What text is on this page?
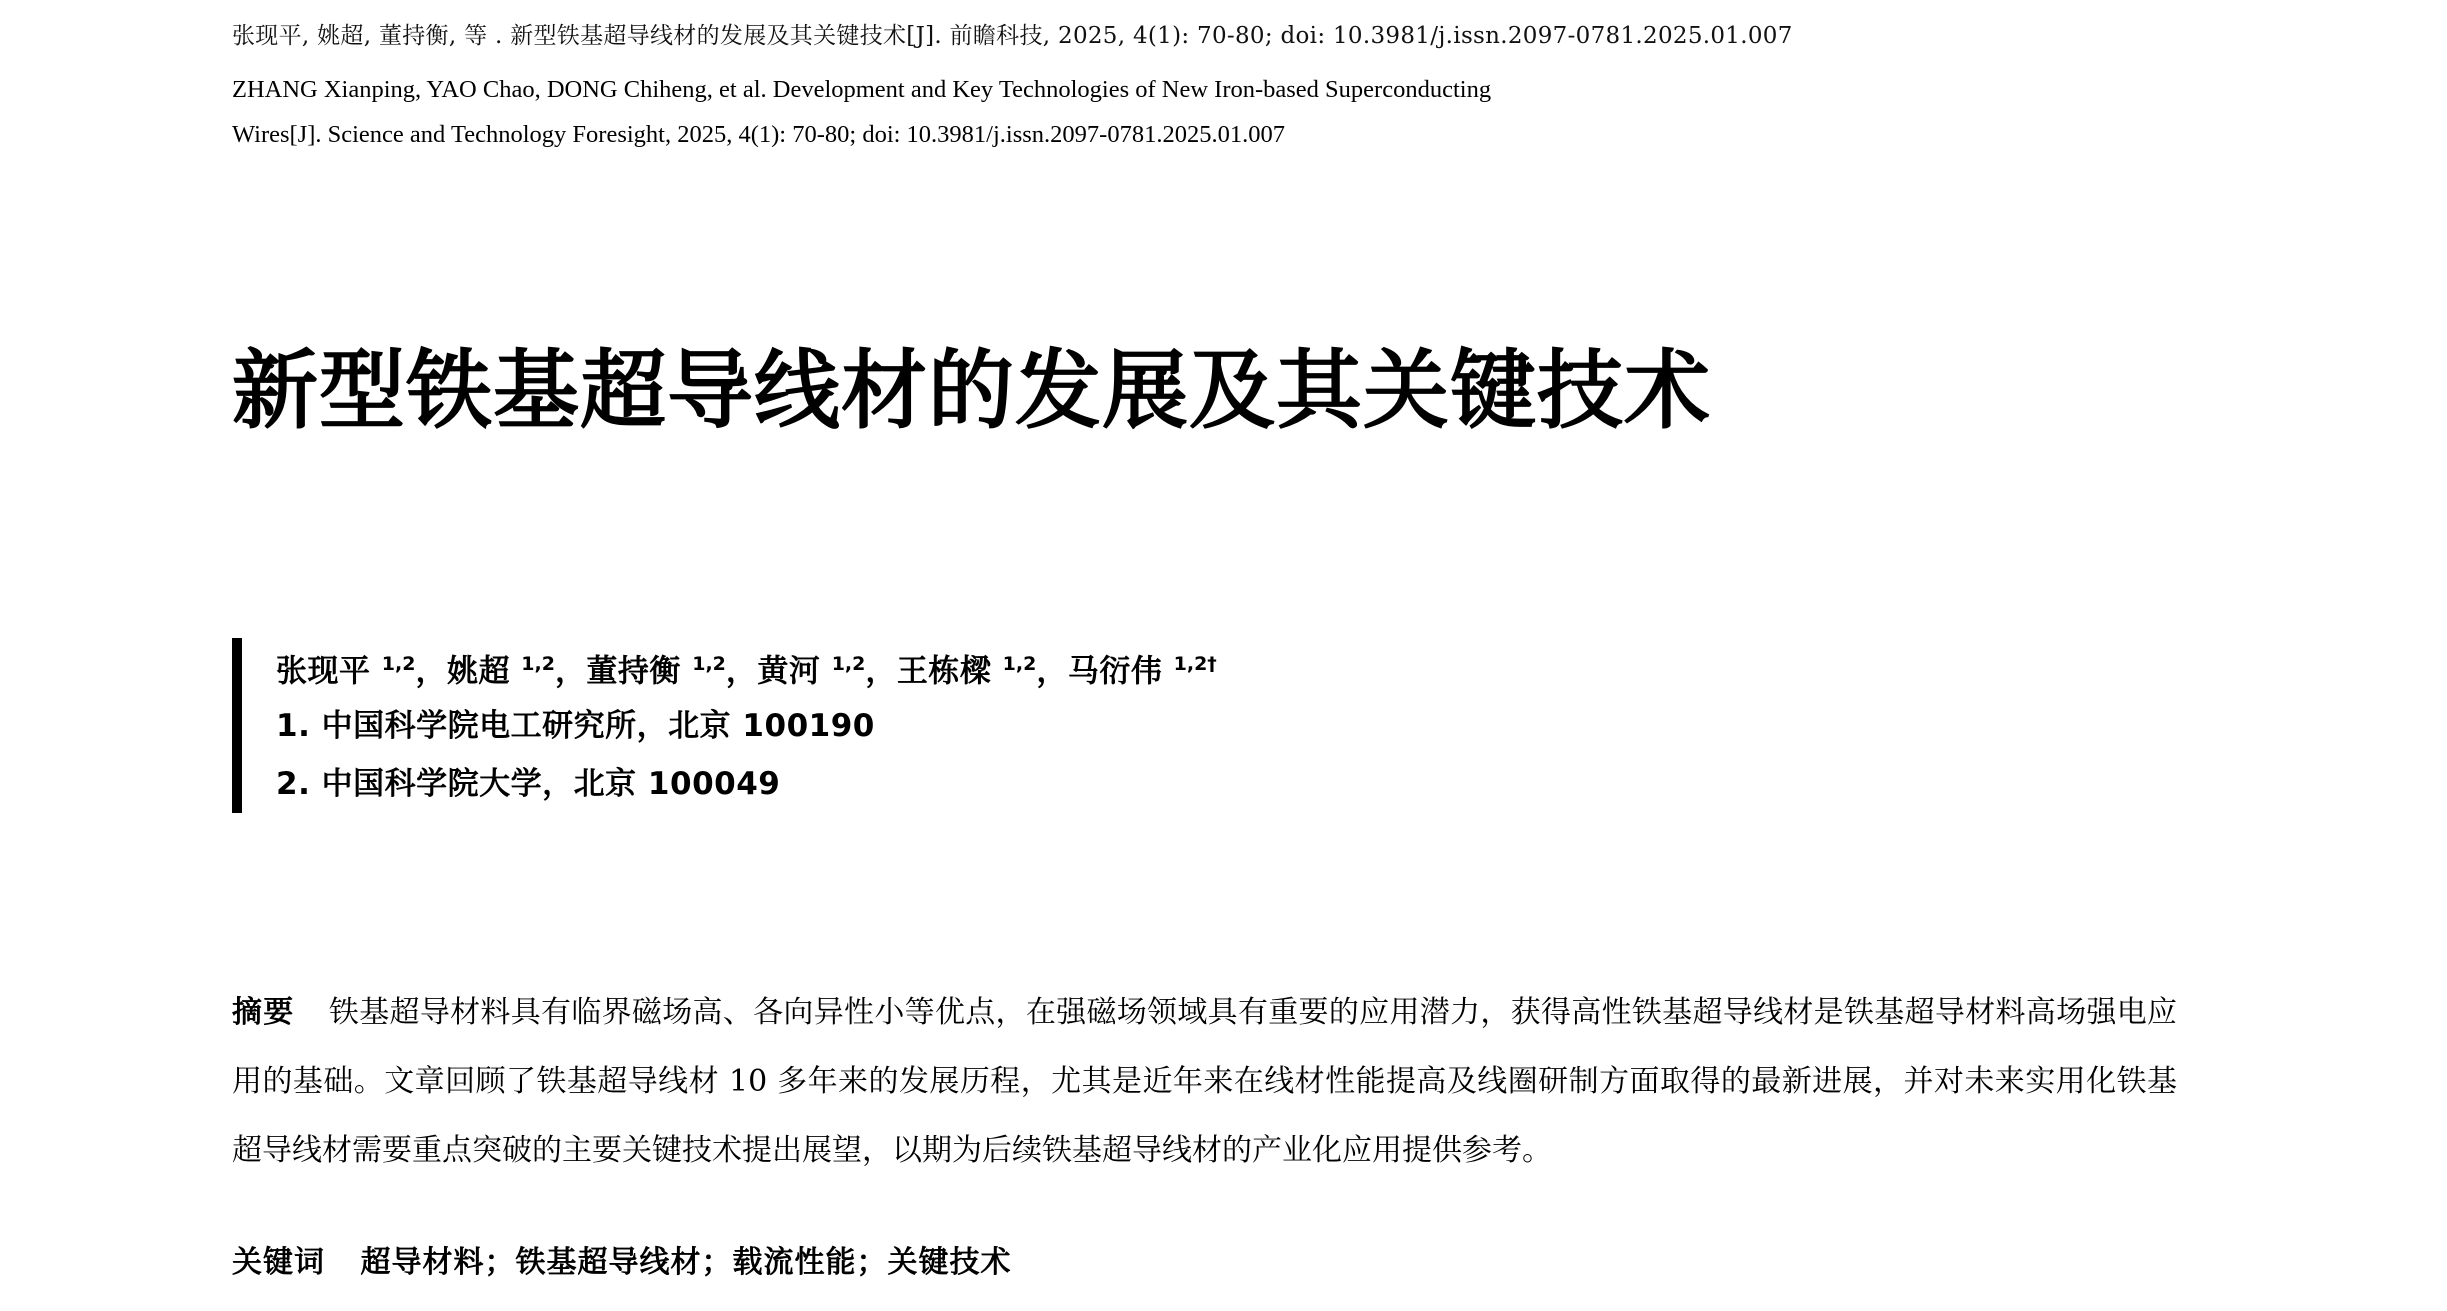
张现平, 姚超, 董持衡, 等 . 新型铁基超导线材的发展及其关键技术[J]. 前瞻科技, 2025, 4(1): 70-80; doi: 10.3981/j.issn.2097-0781.2025.01.007
ZHANG Xianping, YAO Chao, DONG Chiheng, et al. Development and Key Technologies of New Iron-based Superconducting
Wires[J]. Science and Technology Foresight, 2025, 4(1): 70-80; doi: 10.3981/j.issn.2097-0781.2025.01.007
新型铁基超导线材的发展及其关键技术
张现平 $^{1,2}$，姚超 $^{1,2}$，董持衡 $^{1,2}$，黄河 $^{1,2}$，王栋樑 $^{1,2}$，马衍伟 $^{1,2\dagger}$
1. 中国科学院电工研究所，北京 100190
2. 中国科学院大学，北京 100049

摘要 铁基超导材料具有临界磁场高、各向异性小等优点，在强磁场领域具有重要的应用潜力，获得高性铁基超导线材是铁基超导材料高场强电应用的基础。文章回顾了铁基超导线材 10 多年来的发展历程，尤其是近年来在线材性能提高及线圈研制方面取得的最新进展，并对未来实用化铁基超导线材需要重点突破的主要关键技术提出展望，以期为后续铁基超导线材的产业化应用提供参考。

关键词 超导材料；铁基超导线材；载流性能；关键技术
